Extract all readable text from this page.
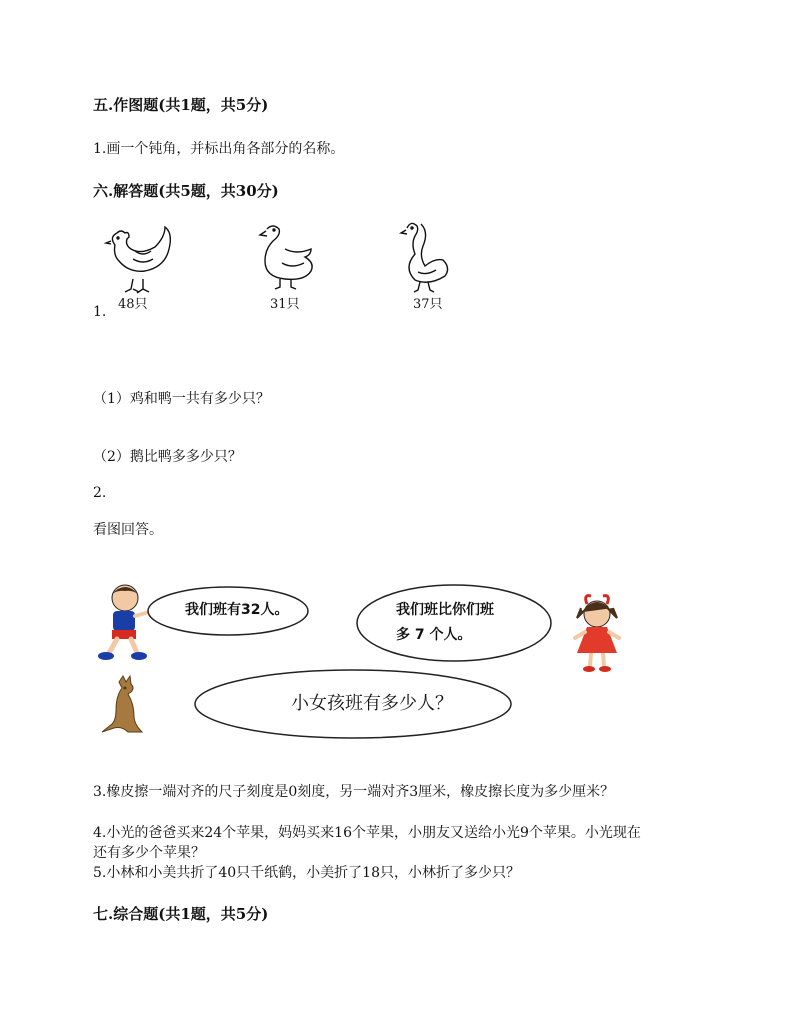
五.作图题(共1题，共5分)
1.画一个钝角，并标出角各部分的名称。
六.解答题(共5题，共30分)
48只	31只	37只
1.
（1）鸡和鸭一共有多少只？
（2）鹅比鸭多多少只？
2.
看图回答。
我们班有32人。	我们班比你们班
多 7 个人。
小女孩班有多少人？
3.橡皮擦一端对齐的尺子刻度是0刻度，另一端对齐3厘米，橡皮擦长度为多少厘米？
4.小光的爸爸买来24个苹果，妈妈买来16个苹果，小朋友又送给小光9个苹果。小光现在
还有多少个苹果？
5.小林和小美共折了40只千纸鹤，小美折了18只，小林折了多少只？
七.综合题(共1题，共5分)
